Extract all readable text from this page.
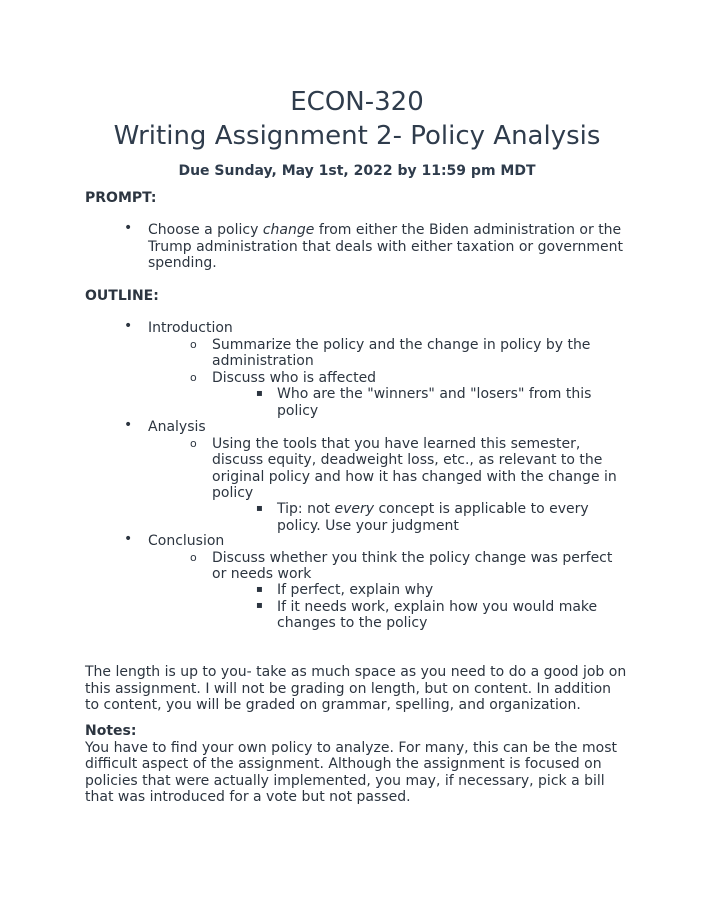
ECON-320
Writing Assignment 2- Policy Analysis
Due Sunday, May 1st, 2022 by 11:59 pm MDT
PROMPT:
• Choose a policy change from either the Biden administration or the
Trump administration that deals with either taxation or government
spending.
OUTLINE:
• Introduction
o Summarize the policy and the change in policy by the
administration
o Discuss who is affected
▪ Who are the "winners" and "losers" from this
policy
• Analysis
o Using the tools that you have learned this semester,
discuss equity, deadweight loss, etc., as relevant to the
original policy and how it has changed with the change in
policy
▪ Tip: not every concept is applicable to every
policy. Use your judgment
• Conclusion
o Discuss whether you think the policy change was perfect
or needs work
▪ If perfect, explain why
▪ If it needs work, explain how you would make
changes to the policy
The length is up to you- take as much space as you need to do a good job on
this assignment. I will not be grading on length, but on content. In addition
to content, you will be graded on grammar, spelling, and organization.
Notes:
You have to find your own policy to analyze. For many, this can be the most
difficult aspect of the assignment. Although the assignment is focused on
policies that were actually implemented, you may, if necessary, pick a bill
that was introduced for a vote but not passed.
